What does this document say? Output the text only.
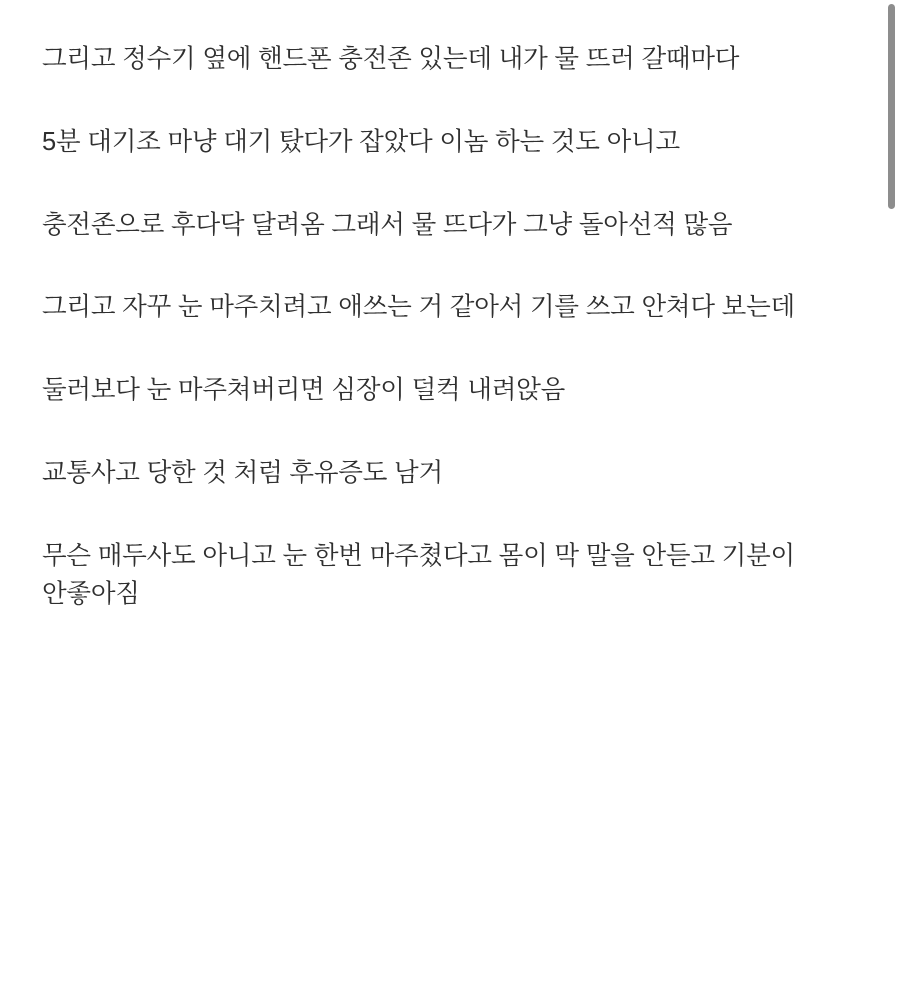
그리고 정수기 옆에 핸드폰 충전존 있는데 내가 물 뜨러 갈때마다

5분 대기조 마냥 대기 탔다가 잡았다 이놈 하는 것도 아니고

충전존으로 후다닥 달려옴 그래서 물 뜨다가 그냥 돌아선적 많음

그리고 자꾸 눈 마주치려고 애쓰는 거 같아서 기를 쓰고 안쳐다 보는데

둘러보다 눈 마주쳐버리면 심장이 덜컥 내려앉음

교통사고 당한 것 처럼 후유증도 남거

무슨 매두사도 아니고 눈 한번 마주쳤다고 몸이 막 말을 안듣고 기분이 안좋아짐
